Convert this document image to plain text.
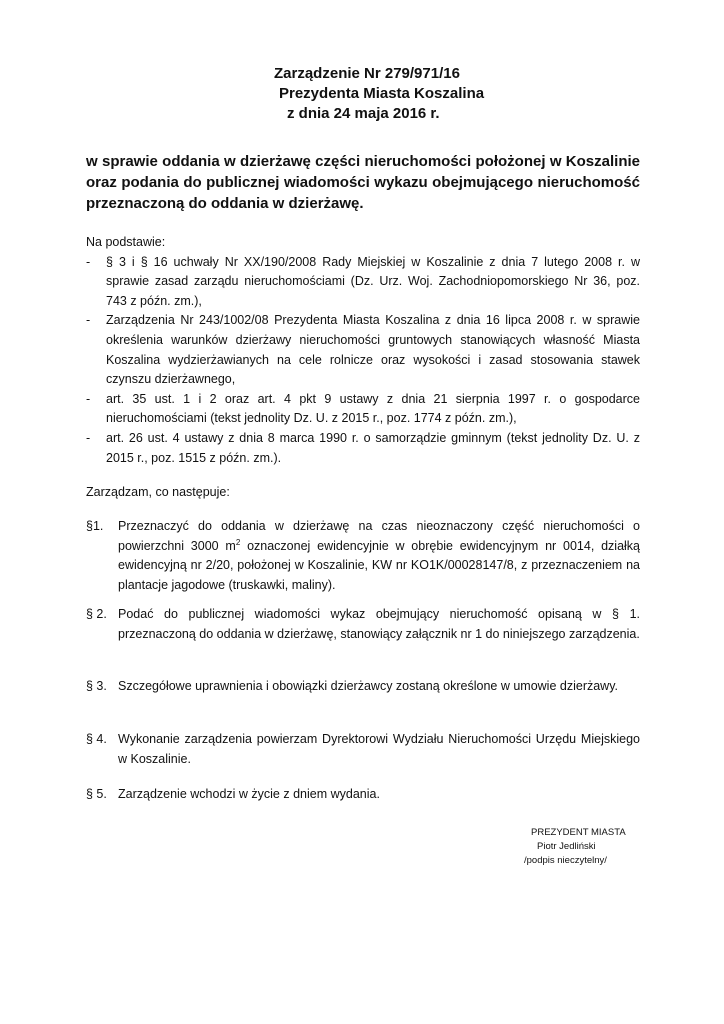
Zarządzenie Nr 279/971/16
Prezydenta Miasta Koszalina
z dnia 24 maja 2016 r.
w sprawie oddania w dzierżawę części nieruchomości położonej w Koszalinie oraz podania do publicznej wiadomości wykazu obejmującego nieruchomość przeznaczoną do oddania w dzierżawę.

Na podstawie:

- § 3 i § 16 uchwały Nr XX/190/2008 Rady Miejskiej w Koszalinie z dnia 7 lutego 2008 r. w sprawie zasad zarządu nieruchomościami (Dz. Urz. Woj. Zachodniopomorskiego Nr 36, poz. 743 z późn. zm.),
- Zarządzenia Nr 243/1002/08 Prezydenta Miasta Koszalina z dnia 16 lipca 2008 r. w sprawie określenia warunków dzierżawy nieruchomości gruntowych stanowiących własność Miasta Koszalina wydzierżawianych na cele rolnicze oraz wysokości i zasad stosowania stawek czynszu dzierżawnego,
- art. 35 ust. 1 i 2 oraz art. 4 pkt 9 ustawy z dnia 21 sierpnia 1997 r. o gospodarce nieruchomościami (tekst jednolity Dz. U. z 2015 r., poz. 1774 z późn. zm.),
- art. 26 ust. 4 ustawy z dnia 8 marca 1990 r. o samorządzie gminnym (tekst jednolity Dz. U. z 2015 r., poz. 1515 z późn. zm.).
Zarządzam, co następuje:
§1. Przeznaczyć do oddania w dzierżawę na czas nieoznaczony część nieruchomości o powierzchni 3000 $m^2$ oznaczonej ewidencyjnie w obrębie ewidencyjnym nr 0014, działką ewidencyjną nr 2/20, położonej w Koszalinie, KW nr KO1K/00028147/8, z przeznaczeniem na plantacje jagodowe (truskawki, maliny).
§ 2. Podać do publicznej wiadomości wykaz obejmujący nieruchomość opisaną w § 1. przeznaczoną do oddania w dzierżawę, stanowiący załącznik nr 1 do niniejszego zarządzenia.
§ 3. Szczegółowe uprawnienia i obowiązki dzierżawcy zostaną określone w umowie dzierżawy.
§ 4. Wykonanie zarządzenia powierzam Dyrektorowi Wydziału Nieruchomości Urzędu Miejskiego w Koszalinie.
§ 5. Zarządzenie wchodzi w życie z dniem wydania.
PREZYDENT MIASTA
Piotr Jedliński
/podpis nieczytelny/
